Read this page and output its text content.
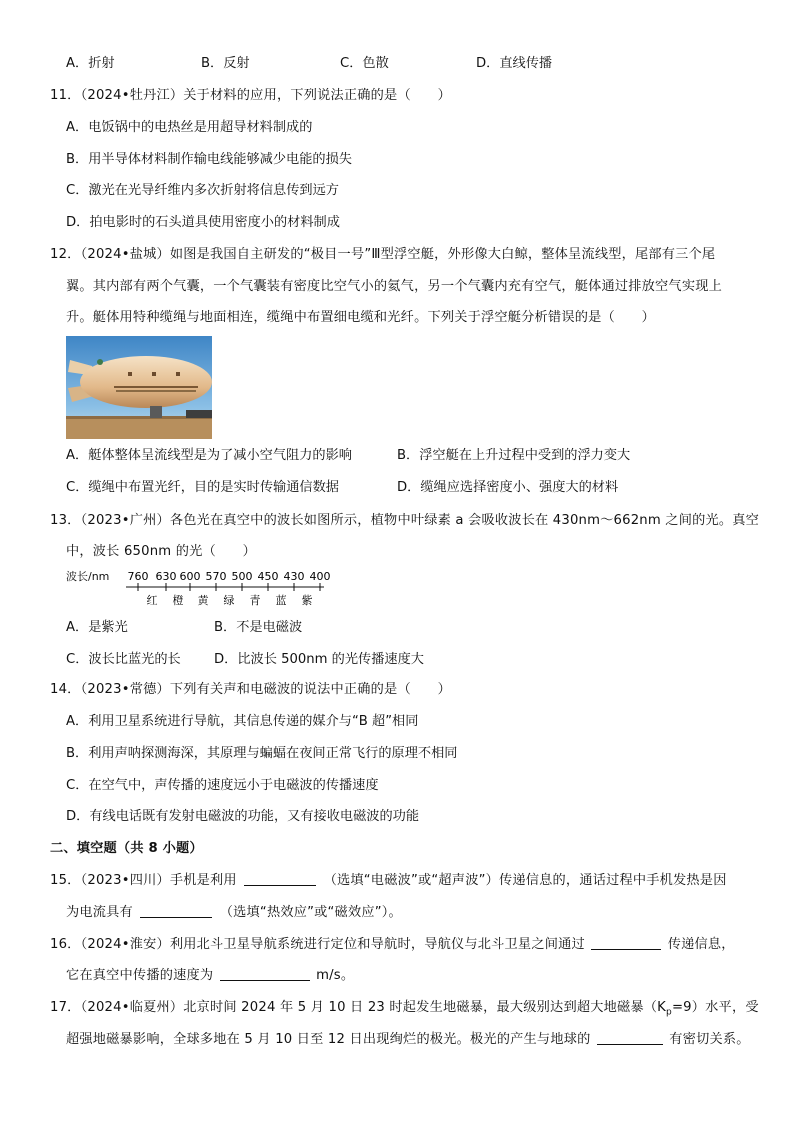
A．折射	B．反射	C．色散	D．直线传播
11．（2024•牡丹江）关于材料的应用，下列说法正确的是（　　）
A．电饭锅中的电热丝是用超导材料制成的
B．用半导体材料制作输电线能够减少电能的损失
C．激光在光导纤维内多次折射将信息传到远方
D．拍电影时的石头道具使用密度小的材料制成
12．（2024•盐城）如图是我国自主研发的“极目一号”Ⅲ型浮空艇，外形像大白鲸，整体呈流线型，尾部有三个尾
翼。其内部有两个气囊，一个气囊装有密度比空气小的氦气，另一个气囊内充有空气，艇体通过排放空气实现上
升。艇体用特种缆绳与地面相连，缆绳中布置细电缆和光纤。下列关于浮空艇分析错误的是（　　）
A．艇体整体呈流线型是为了减小空气阻力的影响	B．浮空艇在上升过程中受到的浮力变大
C．缆绳中布置光纤，目的是实时传输通信数据	D．缆绳应选择密度小、强度大的材料
13．（2023•广州）各色光在真空中的波长如图所示，植物中叶绿素 a 会吸收波长在 430nm～662nm 之间的光。真空
中，波长 650nm 的光（　　）
波长/nm 760 630 600 570 500 450 430 400
红 橙 黄 绿 青 蓝 紫
A．是紫光	B．不是电磁波
C．波长比蓝光的长	D．比波长 500nm 的光传播速度大
14．（2023•常德）下列有关声和电磁波的说法中正确的是（　　）
A．利用卫星系统进行导航，其信息传递的媒介与“B 超”相同
B．利用声呐探测海深，其原理与蝙蝠在夜间正常飞行的原理不相同
C．在空气中，声传播的速度远小于电磁波的传播速度
D．有线电话既有发射电磁波的功能，又有接收电磁波的功能
二、填空题（共 8 小题）
15．（2023•四川）手机是利用	（选填“电磁波”或“超声波”）传递信息的，通话过程中手机发热是因
为电流具有	（选填“热效应”或“磁效应”）。
16．（2024•淮安）利用北斗卫星导航系统进行定位和导航时，导航仪与北斗卫星之间通过	传递信息，
它在真空中传播的速度为	m/s。
17．（2024•临夏州）北京时间 2024 年 5 月 10 日 23 时起发生地磁暴，最大级别达到超大地磁暴$(K_p=9)$水平，受
超强地磁暴影响，全球多地在 5 月 10 日至 12 日出现绚烂的极光。极光的产生与地球的	有密切关系。
